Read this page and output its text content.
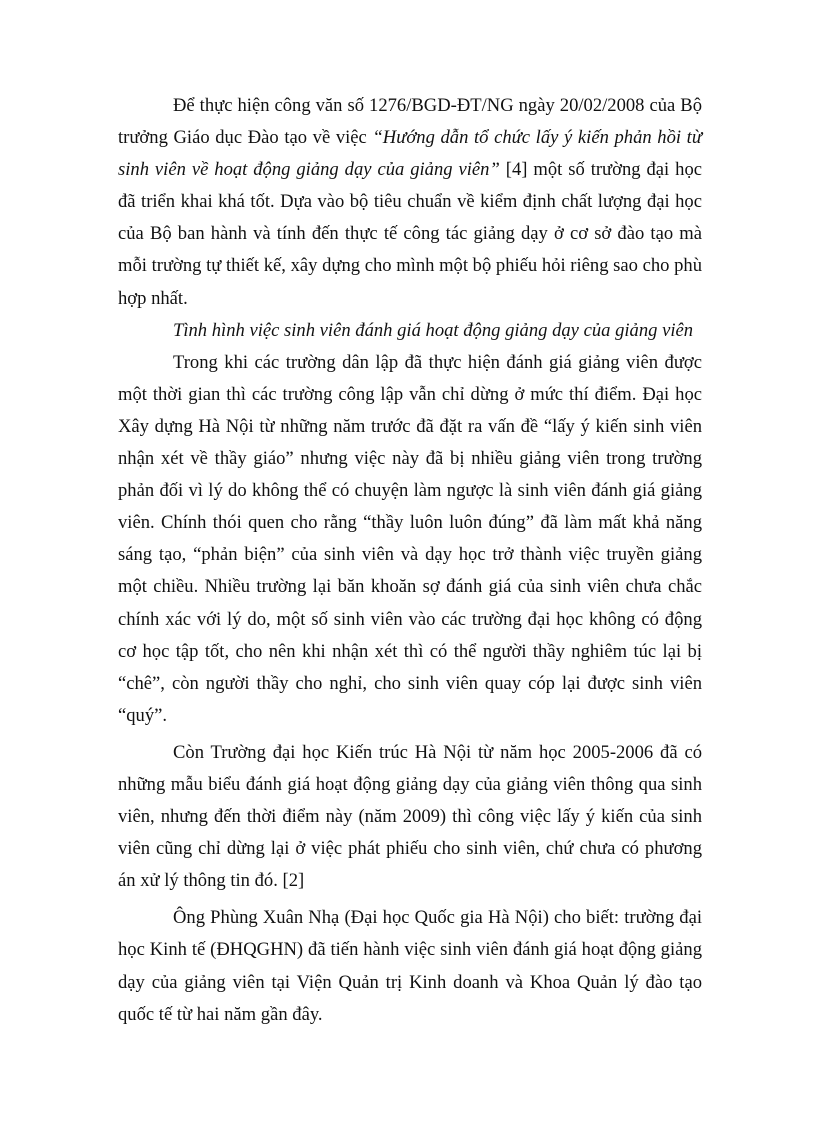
Để thực hiện công văn số 1276/BGD-ĐT/NG ngày 20/02/2008 của Bộ trưởng Giáo dục Đào tạo về việc “Hướng dẫn tổ chức lấy ý kiến phản hồi từ sinh viên về hoạt động giảng dạy của giảng viên” [4] một số trường đại học đã triển khai khá tốt. Dựa vào bộ tiêu chuẩn về kiểm định chất lượng đại học của Bộ ban hành và tính đến thực tế công tác giảng dạy ở cơ sở đào tạo mà mỗi trường tự thiết kế, xây dựng cho mình một bộ phiếu hỏi riêng sao cho phù hợp nhất.

Tình hình việc sinh viên đánh giá hoạt động giảng dạy của giảng viên

Trong khi các trường dân lập đã thực hiện đánh giá giảng viên được một thời gian thì các trường công lập vẫn chỉ dừng ở mức thí điểm. Đại học Xây dựng Hà Nội từ những năm trước đã đặt ra vấn đề “lấy ý kiến sinh viên nhận xét về thầy giáo” nhưng việc này đã bị nhiều giảng viên trong trường phản đối vì lý do không thể có chuyện làm ngược là sinh viên đánh giá giảng viên. Chính thói quen cho rằng “thầy luôn luôn đúng” đã làm mất khả năng sáng tạo, “phản biện” của sinh viên và dạy học trở thành việc truyền giảng một chiều. Nhiều trường lại băn khoăn sợ đánh giá của sinh viên chưa chắc chính xác với lý do, một số sinh viên vào các trường đại học không có động cơ học tập tốt, cho nên khi nhận xét thì có thể người thầy nghiêm túc lại bị “chê”, còn người thầy cho nghỉ, cho sinh viên quay cóp lại được sinh viên “quý”.

Còn Trường đại học Kiến trúc Hà Nội từ năm học 2005-2006 đã có những mẫu biểu đánh giá hoạt động giảng dạy của giảng viên thông qua sinh viên, nhưng đến thời điểm này (năm 2009) thì công việc lấy ý kiến của sinh viên cũng chỉ dừng lại ở việc phát phiếu cho sinh viên, chứ chưa có phương án xử lý thông tin đó. [2]

Ông Phùng Xuân Nhạ (Đại học Quốc gia Hà Nội) cho biết: trường đại học Kinh tế (ĐHQGHN) đã tiến hành việc sinh viên đánh giá hoạt động giảng dạy của giảng viên tại Viện Quản trị Kinh doanh và Khoa Quản lý đào tạo quốc tế từ hai năm gần đây.
